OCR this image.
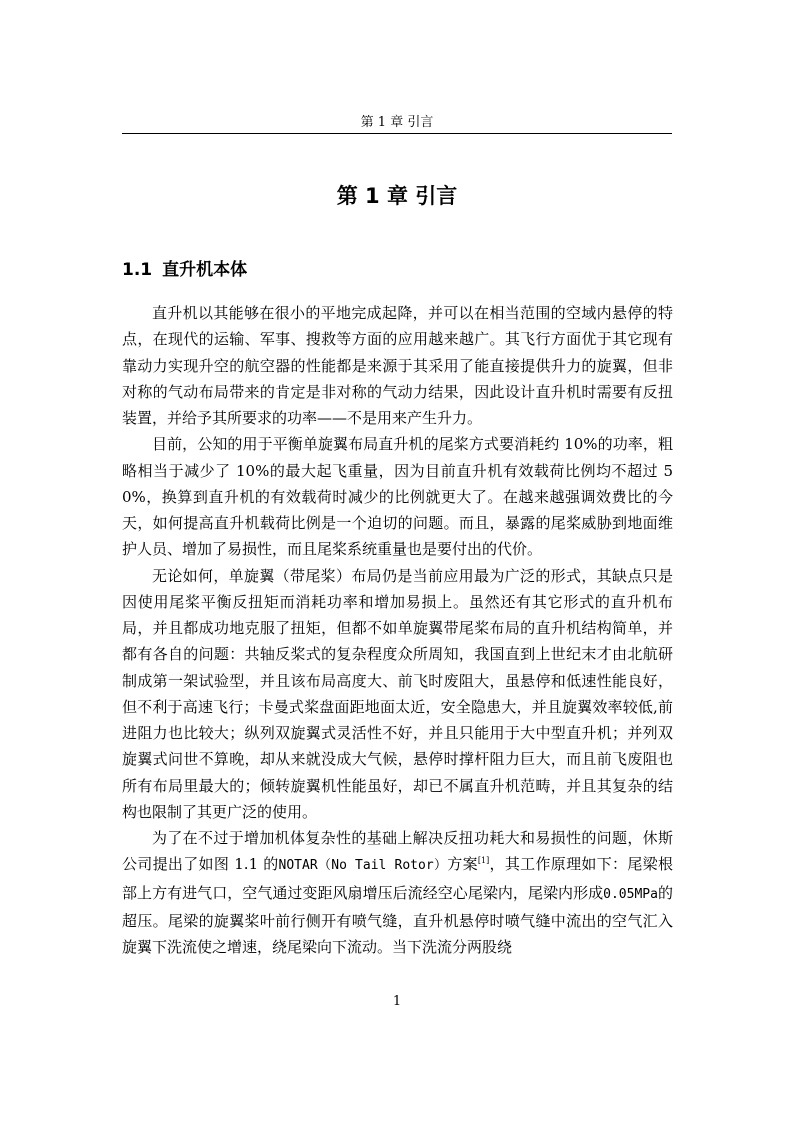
第 1 章 引言
第 1 章 引言
1.1 直升机本体

直升机以其能够在很小的平地完成起降，并可以在相当范围的空域内悬停的特点，在现代的运输、军事、搜救等方面的应用越来越广。其飞行方面优于其它现有靠动力实现升空的航空器的性能都是来源于其采用了能直接提供升力的旋翼，但非对称的气动布局带来的肯定是非对称的气动力结果，因此设计直升机时需要有反扭装置，并给予其所要求的功率——不是用来产生升力。

目前，公知的用于平衡单旋翼布局直升机的尾桨方式要消耗约 10%的功率，粗略相当于减少了 10%的最大起飞重量，因为目前直升机有效载荷比例均不超过 50%，换算到直升机的有效载荷时减少的比例就更大了。在越来越强调效费比的今天，如何提高直升机载荷比例是一个迫切的问题。而且，暴露的尾桨威胁到地面维护人员、增加了易损性，而且尾桨系统重量也是要付出的代价。

无论如何，单旋翼（带尾桨）布局仍是当前应用最为广泛的形式，其缺点只是因使用尾桨平衡反扭矩而消耗功率和增加易损上。虽然还有其它形式的直升机布局，并且都成功地克服了扭矩，但都不如单旋翼带尾桨布局的直升机结构简单，并都有各自的问题：共轴反桨式的复杂程度众所周知，我国直到上世纪末才由北航研制成第一架试验型，并且该布局高度大、前飞时废阻大，虽悬停和低速性能良好，但不利于高速飞行；卡曼式桨盘面距地面太近，安全隐患大，并且旋翼效率较低,前进阻力也比较大；纵列双旋翼式灵活性不好，并且只能用于大中型直升机；并列双旋翼式问世不算晚，却从来就没成大气候，悬停时撑杆阻力巨大，而且前飞废阻也所有布局里最大的；倾转旋翼机性能虽好，却已不属直升机范畴，并且其复杂的结构也限制了其更广泛的使用。

为了在不过于增加机体复杂性的基础上解决反扭功耗大和易损性的问题，休斯公司提出了如图 1.1 的NOTAR（No Tail Rotor）方案[1]，其工作原理如下：尾梁根部上方有进气口，空气通过变距风扇增压后流经空心尾梁内，尾梁内形成0.05MPa的超压。尾梁的旋翼桨叶前行侧开有喷气缝，直升机悬停时喷气缝中流出的空气汇入旋翼下洗流使之增速，绕尾梁向下流动。当下洗流分两股绕

1
